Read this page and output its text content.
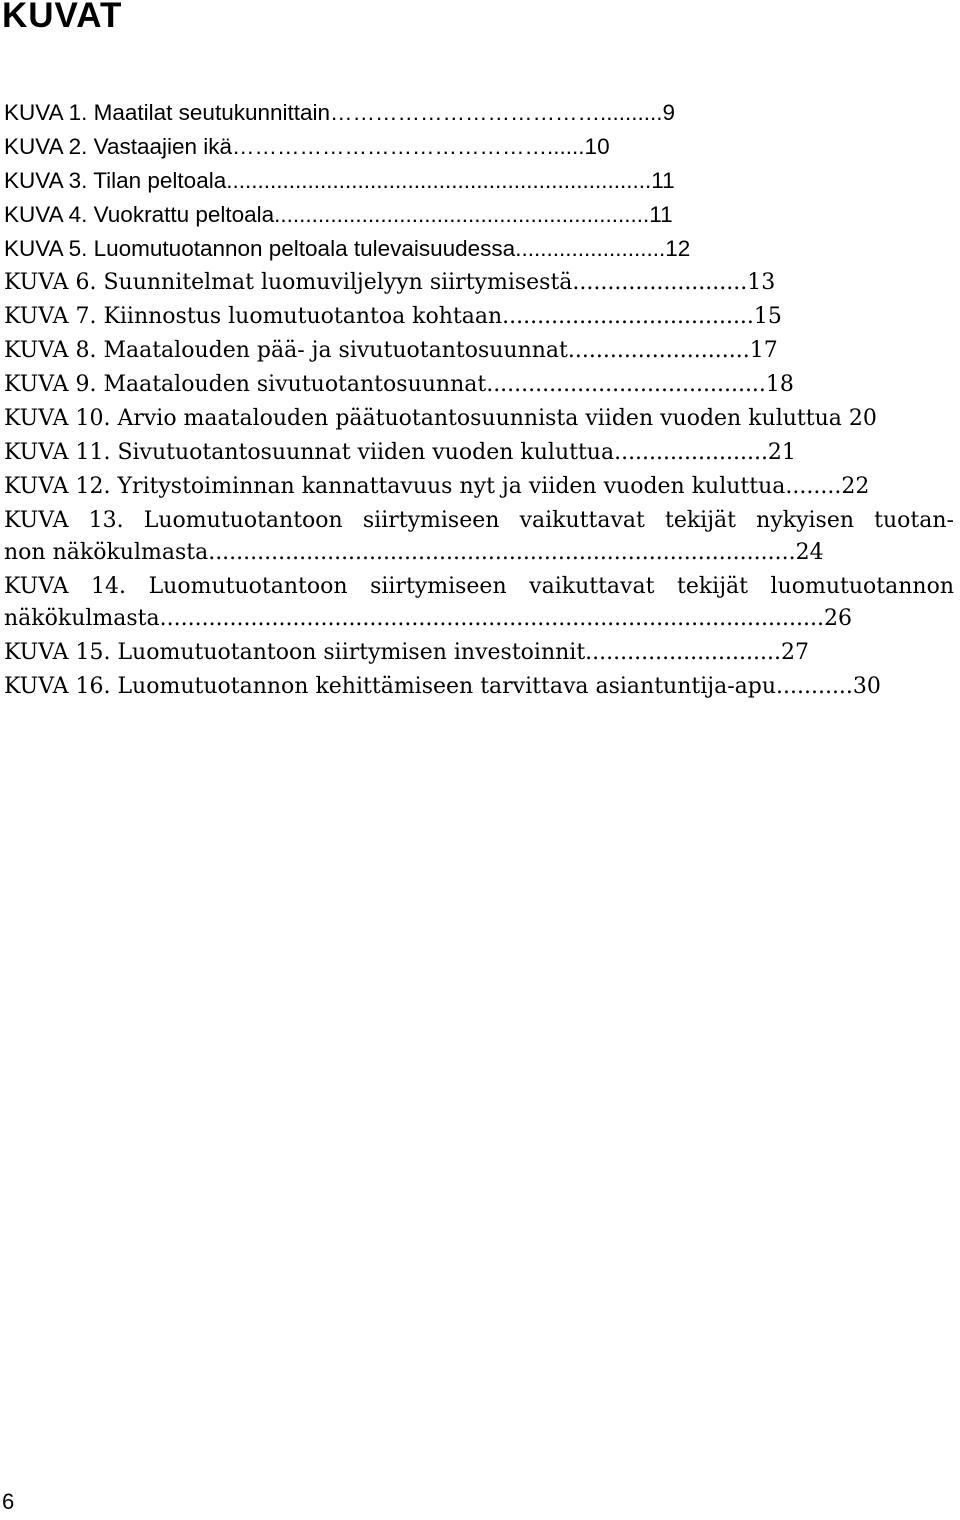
KUVAT
KUVA 1. Maatilat seutukunnittain………………………………..........9
KUVA 2. Vastaajien ikä……………………………………......10
KUVA 3. Tilan peltoala....................................................................11
KUVA 4. Vuokrattu peltoala............................................................11
KUVA 5. Luomutuotannon peltoala tulevaisuudessa........................12
KUVA 6. Suunnitelmat luomuviljelyyn siirtymisestä.........................13
KUVA 7. Kiinnostus luomutuotantoa kohtaan....................................15
KUVA 8. Maatalouden pää- ja sivutuotantosuunnat..........................17
KUVA 9. Maatalouden sivutuotantosuunnat........................................18
KUVA 10. Arvio maatalouden päätuotantosuunnista viiden vuoden kuluttua 20
KUVA 11. Sivutuotantosuunnat viiden vuoden kuluttua......................21
KUVA 12. Yritystoiminnan kannattavuus nyt ja viiden vuoden kuluttua........22
KUVA 13. Luomutuotantoon siirtymiseen vaikuttavat tekijät nykyisen tuotan-
non näkökulmasta....................................................................................24
KUVA 14. Luomutuotantoon siirtymiseen vaikuttavat tekijät luomutuotannon
näkökulmasta...............................................................................................26
KUVA 15. Luomutuotantoon siirtymisen investoinnit............................27
KUVA 16. Luomutuotannon kehittämiseen tarvittava asiantuntija-apu...........30
6
